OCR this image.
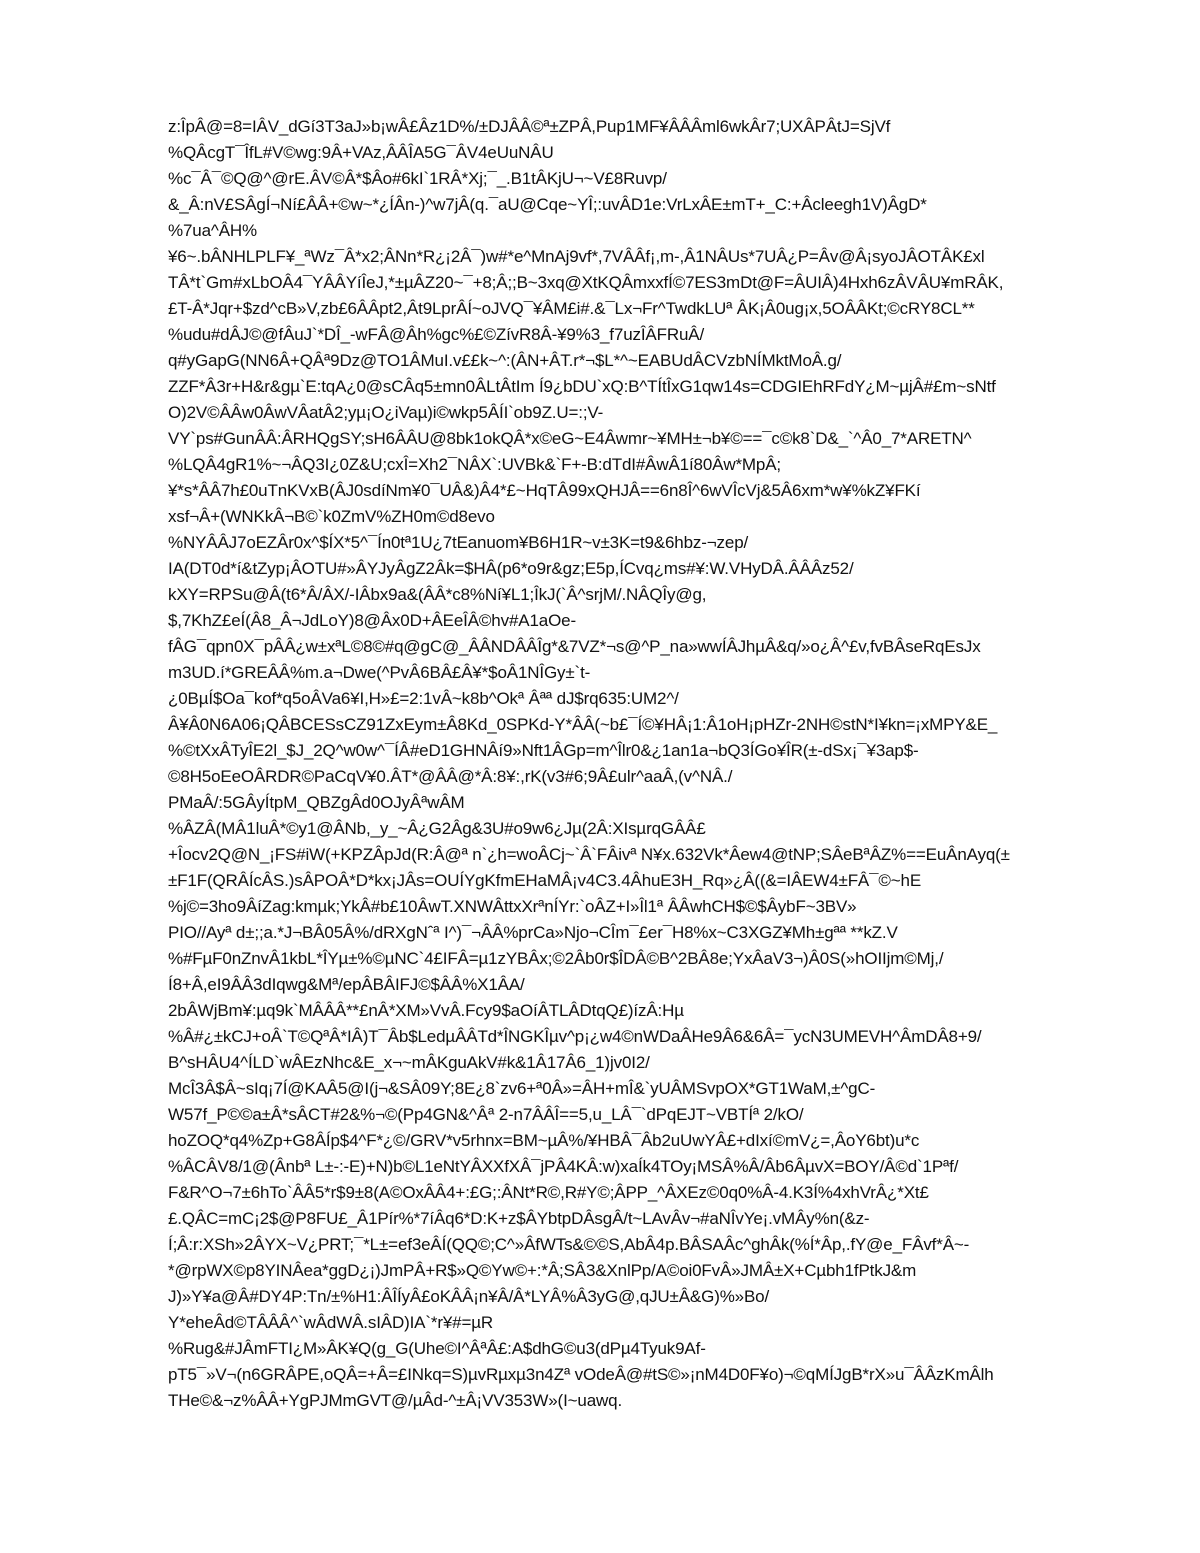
z:ÎpÂ@=8=IÂV_dGí3T3aJ»b¡wÂ£Âz1D%/±DJÂÂ©ª±ZPÂ,Pup1MF¥ÂÂÂml6wkÂr7;UXÂPÂtJ=SjVf
%QÂcgT¯ÎfL#V©wg:9Â+VAz,ÂÂÎA5G¯ÂV4eUuNÂU
%c¯Â¯©Q@^@rE.ÂV©Â*$Âo#6kI`1RÂ*Xj;¯_.B1tÂKjU¬~V£8Ruvp/
&_Â:nV£SÂgÍ¬Ní£ÂÂ+©w~*¿ÍÂn-)^w7jÂ(q.¯aU@Cqe~YÎ;:uvÂD1e:VrLxÂE±mT+_C:+Âcleegh1V)ÂgD*
%7ua^ÂH%
¥6~.bÂNHLPLF¥_ªWz¯Â*x2;ÂNn*R¿¡2Â¯)w#*e^MnAj9vf*,7VÂÂf¡,m-,Â1NÂUs*7UÂ¿P=Âv@Â¡syoJÂOTÂK£xl
TÂ*t`Gm#xLbOÂ4¯YÂÂYíÎeJ,*±µÂZ20~¯+8;Â;;B~3xq@XtKQÂmxxfÍ©7ES3mDt@F=ÂUIÂ)4Hxh6zÂVÂU¥mRÂK,
£T-Â*Jqr+$zd^cB»V,zb£6ÂÂpt2,Ât9LprÂÍ~oJVQ¯¥ÂM£i#.&¯Lx¬Fr^TwdkLUª ÂK¡Â0ug¡x,5OÂÂKt;©cRY8CL**
%udu#dÂJ©@fÂuJ`*DÎ_-wFÂ@Âh%gc%£©ZívR8Â-¥9%3_f7uzÎÂFRuÂ/
q#yGapG(NN6Â+QÂª9Dz@TO1ÂMuI.v££k~^:(ÂN+ÂT.r*¬$L*^~EABUdÂCVzbNÍMktMoÂ.g/
ZZF*Â3r+H&r&gµ`E:tqA¿0@sCÂq5±mn0ÂLtÂtIm Í9¿bDU`xQ:B^TÍtÎxG1qw14s=CDGIEhRFdY¿M~µjÂ#£m~sNtf
O)2V©ÂÂw0ÂwVÂatÂ2;yµ¡O¿iVaµ)i©wkp5ÂÍI`ob9Z.U=:;V-
VY`ps#GunÂÂ:ÂRHQgSY;sH6ÂÂU@8bk1okQÂ*x©eG~E4Âwmr~¥MH±¬b¥©==¯c©k8`D&_`^Â0_7*ARETN^
%LQÂ4gR1%~¬ÂQ3I¿0Z&U;cxÎ=Xh2¯NÂX`:UVBk&`F+-B:dTdI#ÂwÂ1í80Âw*MpÂ;
¥*s*ÂÂ7h£0uTnKVxB(ÂJ0sdíNm¥0¯UÂ&)Â4*£~HqTÂ99xQHJÂ==6n8Î^6wVÎcVj&5Â6xm*w¥%kZ¥FKí
xsf¬Â+(WNKkÂ¬B©`k0ZmV%ZH0m©d8evo
%NYÂÂJ7oEZÂr0x^$ÍX*5^¯Ín0tª1U¿7tEanuom¥B6H1R~v±3K=t9&6hbz-¬zep/
IA(DT0d*í&tZyp¡ÂOTU#»ÂYJyÂgZ2Âk=$HÂ(p6*o9r&gz;E5p,ÍCvq¿ms#¥:W.VHyDÂ.ÂÂÂz52/
kXY=RPSu@Â(t6*Â/ÂX/-IÂbx9a&(ÂÂ*c8%Ní¥L1;ÎkJ(`Â^srjM/.NÂQÎy@g,
$,7KhZ£eÍ(Â8_Â¬JdLoY)8@Âx0D+ÂEeÎÂ©hv#A1aOe-
fÂG¯qpn0X¯pÂÂ¿w±xªL©8©#q@gC@_ÂÂNDÂÂÎg*&7VZ*¬s@^P_na»wwÍÂJhµÂ&q/»o¿Â^£v,fvBÂseRqEsJx
m3UD.í*GREÂÂ%m.a¬Dwe(^PvÂ6BÂ£Â¥*$oÂ1NÎGy±`t-
¿0BµÍ$Oa¯kof*q5oÂVa6¥I,H»£=2:1vÂ~k8b^Okª Âªª dJ$rq635:UM2^/
Â¥Â0N6A06¡QÂBCESsCZ91ZxEym±Â8Kd_0SPKd-Y*ÂÂ(~b£¯Í©¥HÂ¡1:Â1oH¡pHZr-2NH©stN*I¥kn=¡xMPY&E_
%©tXxÂTyÎE2l_$J_2Q^w0w^¯ÍÂ#eD1GHNÂí9»Nft1ÂGp=m^Îlr0&¿1an1a¬bQ3ÍGo¥ÎR(±-dSx¡¯¥3ap$-
©8H5oEeOÂRDR©PaCqV¥0.ÂT*@ÂÂ@*Â:8¥:,rK(v3#6;9Â£ulr^aaÂ,(v^NÂ./
PMaÂ/:5GÂyÍtpM_QBZgÂd0OJyÂªwÂM
%ÂZÂ(MÂ1luÂ*©y1@ÂNb,_y_~Â¿G2Âg&3U#o9w6¿Jµ(2Â:XIsµrqGÂÂ£
+Îocv2Q@N_¡FS#iW(+KPZÂpJd(R:Â@ª n`¿h=woÂCj~`Â`FÂivª N¥x.632Vk*Âew4@tNP;SÂeBªÂZ%==EuÂnAyq(±
±F1F(QRÂÍcÂS.)sÂPOÂ*D*kx¡JÂs=OUÍYgKfmEHaMÂ¡v4C3.4ÂhuE3H_Rq»¿Â((&=IÂEW4±FÂ¯©~hE
%j©=3ho9ÂíZag:kmµk;YkÂ#b£10ÂwT.XNWÂttxXrªnÍYr:`oÂZ+I»Îl1ª ÂÂwhCH$©$ÂybF~3BV»
PIO//Ayª d±;;a.*J¬BÂ05Â%/dRXgNˆª I^)¯¬ÂÂ%prCa»Njo¬CÎm¯£er¯H8%x~C3XGZ¥Mh±gªª **kZ.V
%#FµF0nZnvÂ1kbL*ÎYµ±%©µNC`4£IFÂ=µ1zYBÂx;©2Âb0r$ÎDÂ©B^2BÂ8e;YxÂaV3¬)Â0S(»hOIIjm©Mj,/
Í8+Â,eI9ÂÂ3dIqwg&Mª/epÂBÂIFJ©$ÂÂ%X1ÂA/
2bÂWjBm¥:µq9k`MÂÂÂ**£nÂ*XM»VvÂ.Fcy9$aOíÂTLÂDtqQ£)ízÂ:Hµ
%Â#¿±kCJ+oÂ`T©QªÂ*IÂ)T¯Âb$LedµÂÂTd*ÎNGKÎµv^p¡¿w4©nWDaÂHe9Â6&6Â=¯ycN3UMEVH^ÂmDÂ8+9/
B^sHÂU4^ÍLD`wÂEzNhc&E_x¬~mÂKguAkV#k&1Â17Â6_1)jv0I2/
McÎ3Â$Â~sIq¡7Í@KAÂ5@I(j¬&SÂ09Y;8E¿8`zv6+ª0Â»=ÂH+mÎ&`yUÂMSvpOX*GT1WaM,±^gC-
W57f_P©©a±Â*sÂCT#2&%¬©(Pp4GN&^Âª 2-n7ÂÂÎ==5,u_LÂ¯`dPqEJT~VBTÍª 2/kO/
hoZOQ*q4%Zp+G8ÂÍp$4^F*¿©/GRV*v5rhnx=BM~µÂ%/¥HBÂ¯Âb2uUwYÂ£+dIxí©mV¿=,ÂoY6bt)u*c
%ÂCÂV8/1@(Ânbª L±-:-E)+N)b©L1eNtYÂXXfXÂ¯jPÂ4KÂ:w)xaÍk4TOy¡MSÂ%Â/Âb6ÂµvX=BOY/Â©d`1Pªf/
F&R^O¬7±6hTo`ÂÂ5*r$9±8(A©OxÂÂ4+:£G;:ÂNt*R©,R#Y©;ÂPP_^ÂXEz©0q0%Â-4.K3Í%4xhVrÂ¿*Xt£
£.QÂC=mC¡2$@P8FU£_Â1Pír%*7íÂq6*D:K+z$ÂYbtpDÂsgÂ/t~LAvÂv¬#aNÎvYe¡.vMÂy%n(&z-
Í;Â:r:XSh»2ÂYX~V¿PRT;¯*L±=ef3eÂÍ(QQ©;C^»ÂfWTs&©©S,AbÂ4p.BÂSAÂc^ghÂk(%Í*Âp,.fY@e_FÂvf*Â~-
*@rpWX©p8YINÂea*ggD¿¡)JmPÂ+R$»Q©Yw©+:*Â;SÂ3&XnlPp/A©oi0FvÂ»JMÂ±X+Cµbh1fPtkJ&m
J)»Y¥a@Â#DY4P:Tn/±%H1:ÂÎÍyÂ£oKÂÂ¡n¥Â/Â*LYÂ%Â3yG@,qJU±Â&G)%»Bo/
Y*eheÂd©TÂÂÂ^`wÂdWÂ.sIÂD)IA`*r¥#=µR
%Rug&#JÂmFTI¿M»ÂK¥Q(g_G(Uhe©I^ÂªÂ£:A$dhG©u3(dPµ4Tyuk9Af-
pT5¯»V¬(n6GRÂPE,oQÂ=+Â=£INkq=S)µvRµxµ3n4Zª vOdeÂ@#tS©»¡nM4D0F¥o)¬©qMÍJgB*rX»u¯ÂÂzKmÂlh
THe©&¬z%ÂÂ+YgPJMmGVT@/µÂd-^±Â¡VV353W»(I~uawq.
